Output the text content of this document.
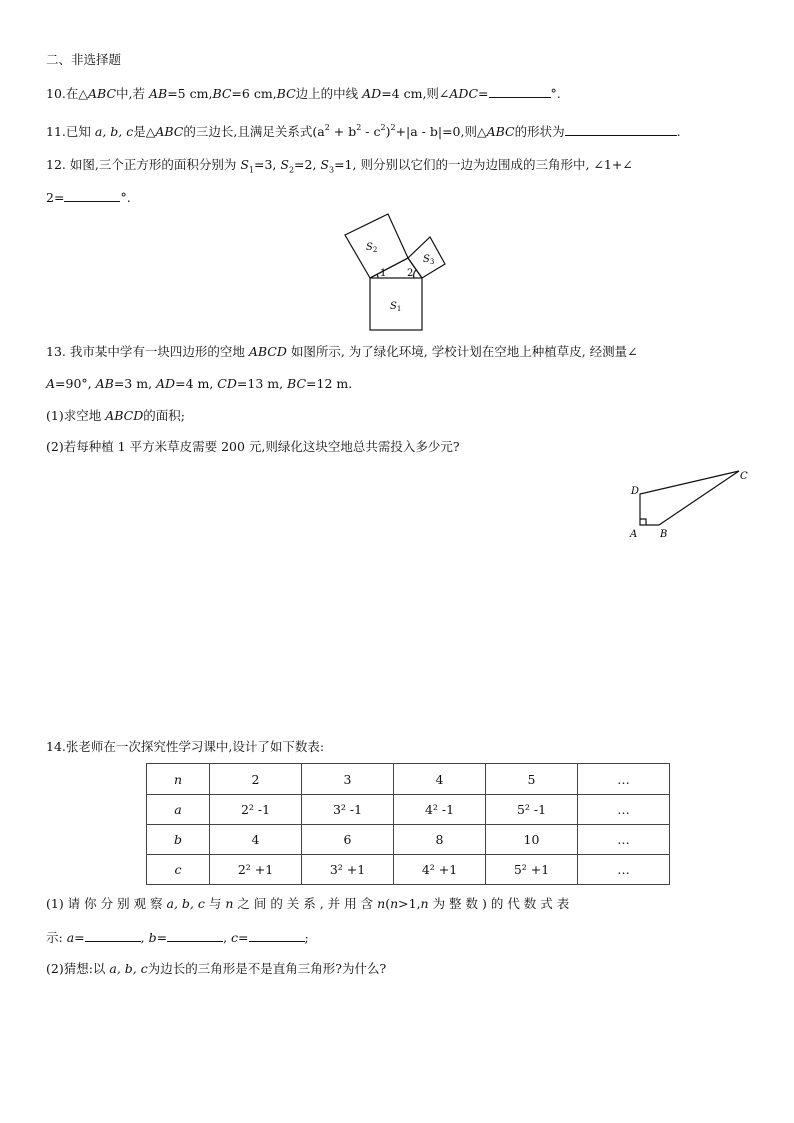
二、非选择题
10.在△ABC中,若 AB=5 cm,BC=6 cm,BC边上的中线 AD=4 cm,则∠ADC=	°.
11.已知 a, b, c是△ABC的三边长,且满足关系式$(a^2 + b^2 - c^2)^2+|a - b|=0$,则△ABC的形状为	.
12. 如图,三个正方形的面积分别为 $S_1=3$, $S_2=2$, $S_3=1$, 则分别以它们的一边为边围成的三角形中, ∠1+∠
2=	°.
$S_2$
$S_3$
$S_1$
1 2
13. 我市某中学有一块四边形的空地 ABCD 如图所示, 为了绿化环境, 学校计划在空地上种植草皮, 经测量∠
A=90°, AB=3 m, AD=4 m, CD=13 m, BC=12 m.
(1)求空地 ABCD的面积;
(2)若每种植 1 平方米草皮需要 200 元,则绿化这块空地总共需投入多少元?
A B
C
D
14.张老师在一次探究性学习课中,设计了如下数表:
n	2	3	4	5	…
a	2² -1	3² -1	4² -1	5² -1	…
b	4	6	8	10	…
c	2² +1	3² +1	4² +1	5² +1	…
(1) 请 你 分 别 观 察 a, b, c 与 n 之 间 的 关 系 , 并 用 含 n(n>1,n 为 整 数 ) 的 代 数 式 表
示: a=	, b=	, c=	;
(2)猜想:以 a, b, c为边长的三角形是不是直角三角形?为什么?
